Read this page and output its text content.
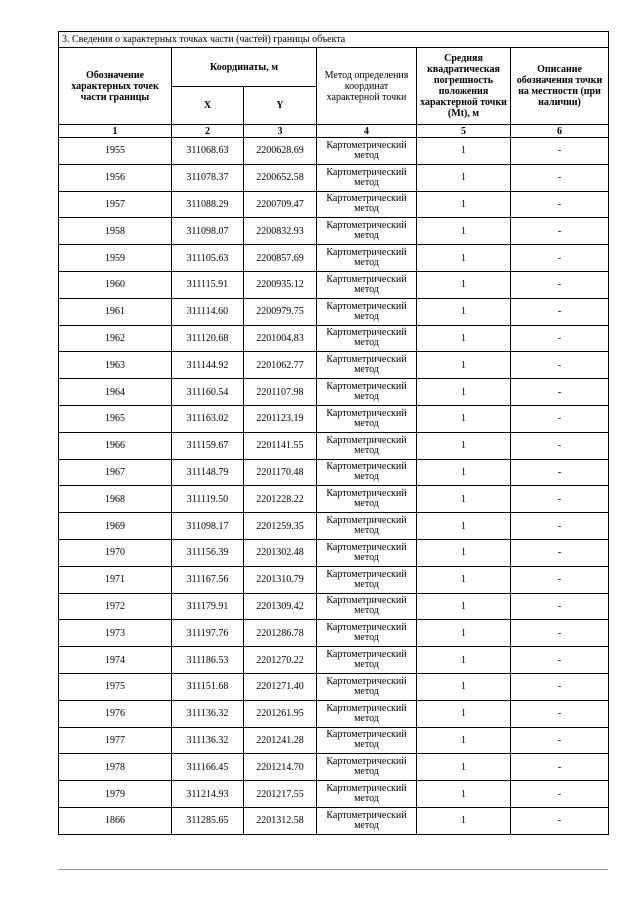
3. Сведения о характерных точках части (частей) границы объекта					
Обозначение характерных точек части границы	Координаты, м		Метод определения координат характерной точки	Средняя квадратическая погрешность положения характерной точки (Mt), м	Описание обозначения точки на местности (при наличии)
	X	Y			
1	2	3	4	5	6
1955	311068.63	2200628.69	Картометрический метод	1	-
1956	311078.37	2200652.58	Картометрический метод	1	-
1957	311088.29	2200709.47	Картометрический метод	1	-
1958	311098.07	2200832.93	Картометрический метод	1	-
1959	311105.63	2200857.69	Картометрический метод	1	-
1960	311115.91	2200935.12	Картометрический метод	1	-
1961	311114.60	2200979.75	Картометрический метод	1	-
1962	311120.68	2201004.83	Картометрический метод	1	-
1963	311144.92	2201062.77	Картометрический метод	1	-
1964	311160.54	2201107.98	Картометрический метод	1	-
1965	311163.02	2201123.19	Картометрический метод	1	-
1966	311159.67	2201141.55	Картометрический метод	1	-
1967	311148.79	2201170.48	Картометрический метод	1	-
1968	311119.50	2201228.22	Картометрический метод	1	-
1969	311098.17	2201259.35	Картометрический метод	1	-
1970	311156.39	2201302.48	Картометрический метод	1	-
1971	311167.56	2201310.79	Картометрический метод	1	-
1972	311179.91	2201309.42	Картометрический метод	1	-
1973	311197.76	2201286.78	Картометрический метод	1	-
1974	311186.53	2201270.22	Картометрический метод	1	-
1975	311151.68	2201271.40	Картометрический метод	1	-
1976	311136.32	2201261.95	Картометрический метод	1	-
1977	311136.32	2201241.28	Картометрический метод	1	-
1978	311166.45	2201214.70	Картометрический метод	1	-
1979	311214.93	2201217.55	Картометрический метод	1	-
1866	311285.65	2201312.58	Картометрический метод	1	-
